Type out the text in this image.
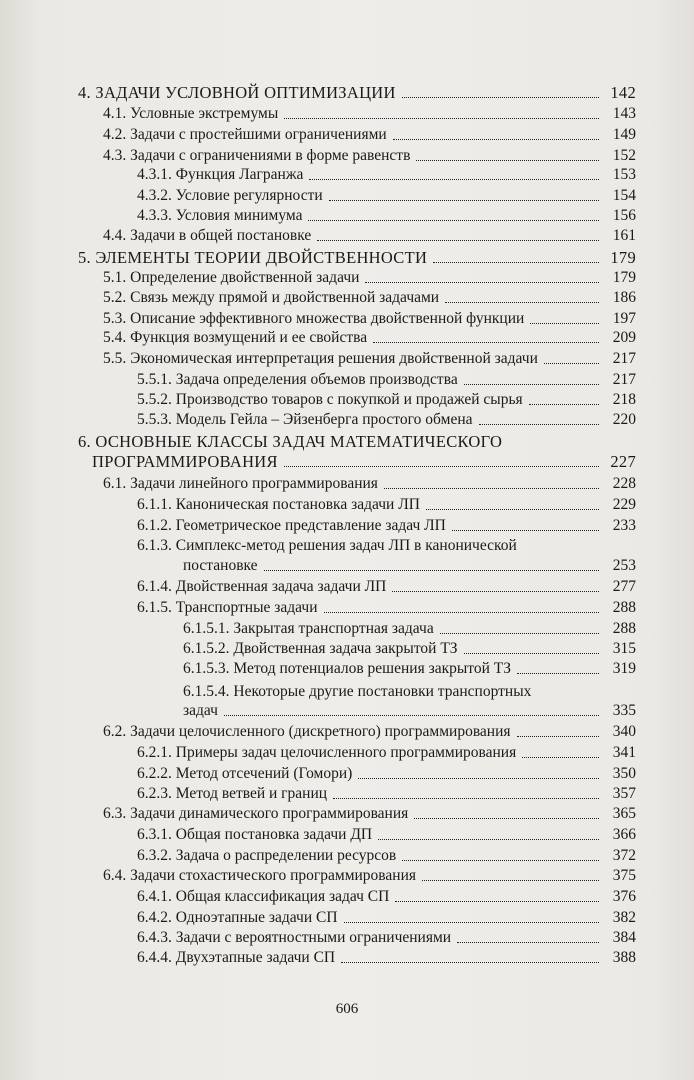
4. ЗАДАЧИ УСЛОВНОЙ ОПТИМИЗАЦИИ	142
4.1. Условные экстремумы	143
4.2. Задачи с простейшими ограничениями	149
4.3. Задачи с ограничениями в форме равенств	152
4.3.1. Функция Лагранжа	153
4.3.2. Условие регулярности	154
4.3.3. Условия минимума	156
4.4. Задачи в общей постановке	161
5. ЭЛЕМЕНТЫ ТЕОРИИ ДВОЙСТВЕННОСТИ	179
5.1. Определение двойственной задачи	179
5.2. Связь между прямой и двойственной задачами	186
5.3. Описание эффективного множества двойственной функции	197
5.4. Функция возмущений и ее свойства	209
5.5. Экономическая интерпретация решения двойственной задачи	217
5.5.1. Задача определения объемов производства	217
5.5.2. Производство товаров с покупкой и продажей сырья	218
5.5.3. Модель Гейла – Эйзенберга простого обмена	220
6. ОСНОВНЫЕ КЛАССЫ ЗАДАЧ МАТЕМАТИЧЕСКОГО
ПРОГРАММИРОВАНИЯ	227
6.1. Задачи линейного программирования	228
6.1.1. Каноническая постановка задачи ЛП	229
6.1.2. Геометрическое представление задач ЛП	233
6.1.3. Симплекс-метод решения задач ЛП в канонической
постановке	253
6.1.4. Двойственная задача задачи ЛП	277
6.1.5. Транспортные задачи	288
6.1.5.1. Закрытая транспортная задача	288
6.1.5.2. Двойственная задача закрытой ТЗ	315
6.1.5.3. Метод потенциалов решения закрытой ТЗ	319
6.1.5.4. Некоторые другие постановки транспортных
задач	335
6.2. Задачи целочисленного (дискретного) программирования	340
6.2.1. Примеры задач целочисленного программирования	341
6.2.2. Метод отсечений (Гомори)	350
6.2.3. Метод ветвей и границ	357
6.3. Задачи динамического программирования	365
6.3.1. Общая постановка задачи ДП	366
6.3.2. Задача о распределении ресурсов	372
6.4. Задачи стохастического программирования	375
6.4.1. Общая классификация задач СП	376
6.4.2. Одноэтапные задачи СП	382
6.4.3. Задачи с вероятностными ограничениями	384
6.4.4. Двухэтапные задачи СП	388
606
